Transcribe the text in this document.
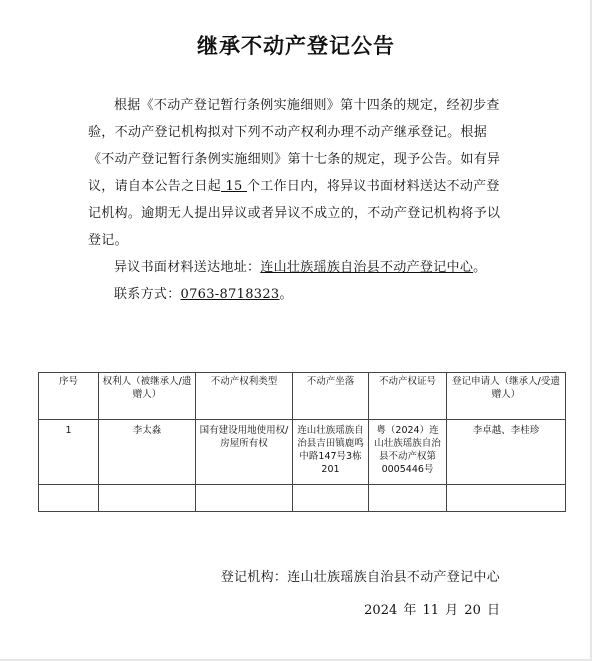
继承不动产登记公告

根据《不动产登记暂行条例实施细则》第十四条的规定，经初步查验，不动产登记机构拟对下列不动产权利办理不动产继承登记。根据《不动产登记暂行条例实施细则》第十七条的规定，现予公告。如有异议，请自本公告之日起 15 个工作日内，将异议书面材料送达不动产登记机构。逾期无人提出异议或者异议不成立的，不动产登记机构将予以登记。

异议书面材料送达地址：连山壮族瑶族自治县不动产登记中心。

联系方式：0763-8718323。

序号	权利人（被继承人/遗赠人）	不动产权利类型	不动产坐落	不动产权证号	登记申请人（继承人/受遗赠人）
1	李太淼	国有建设用地使用权/房屋所有权	连山壮族瑶族自治县吉田镇鹿鸣中路147号3栋201	粤（2024）连山壮族瑶族自治县不动产权第0005446号	李卓越、李桂珍

登记机构：连山壮族瑶族自治县不动产登记中心
2024 年 11 月 20 日
